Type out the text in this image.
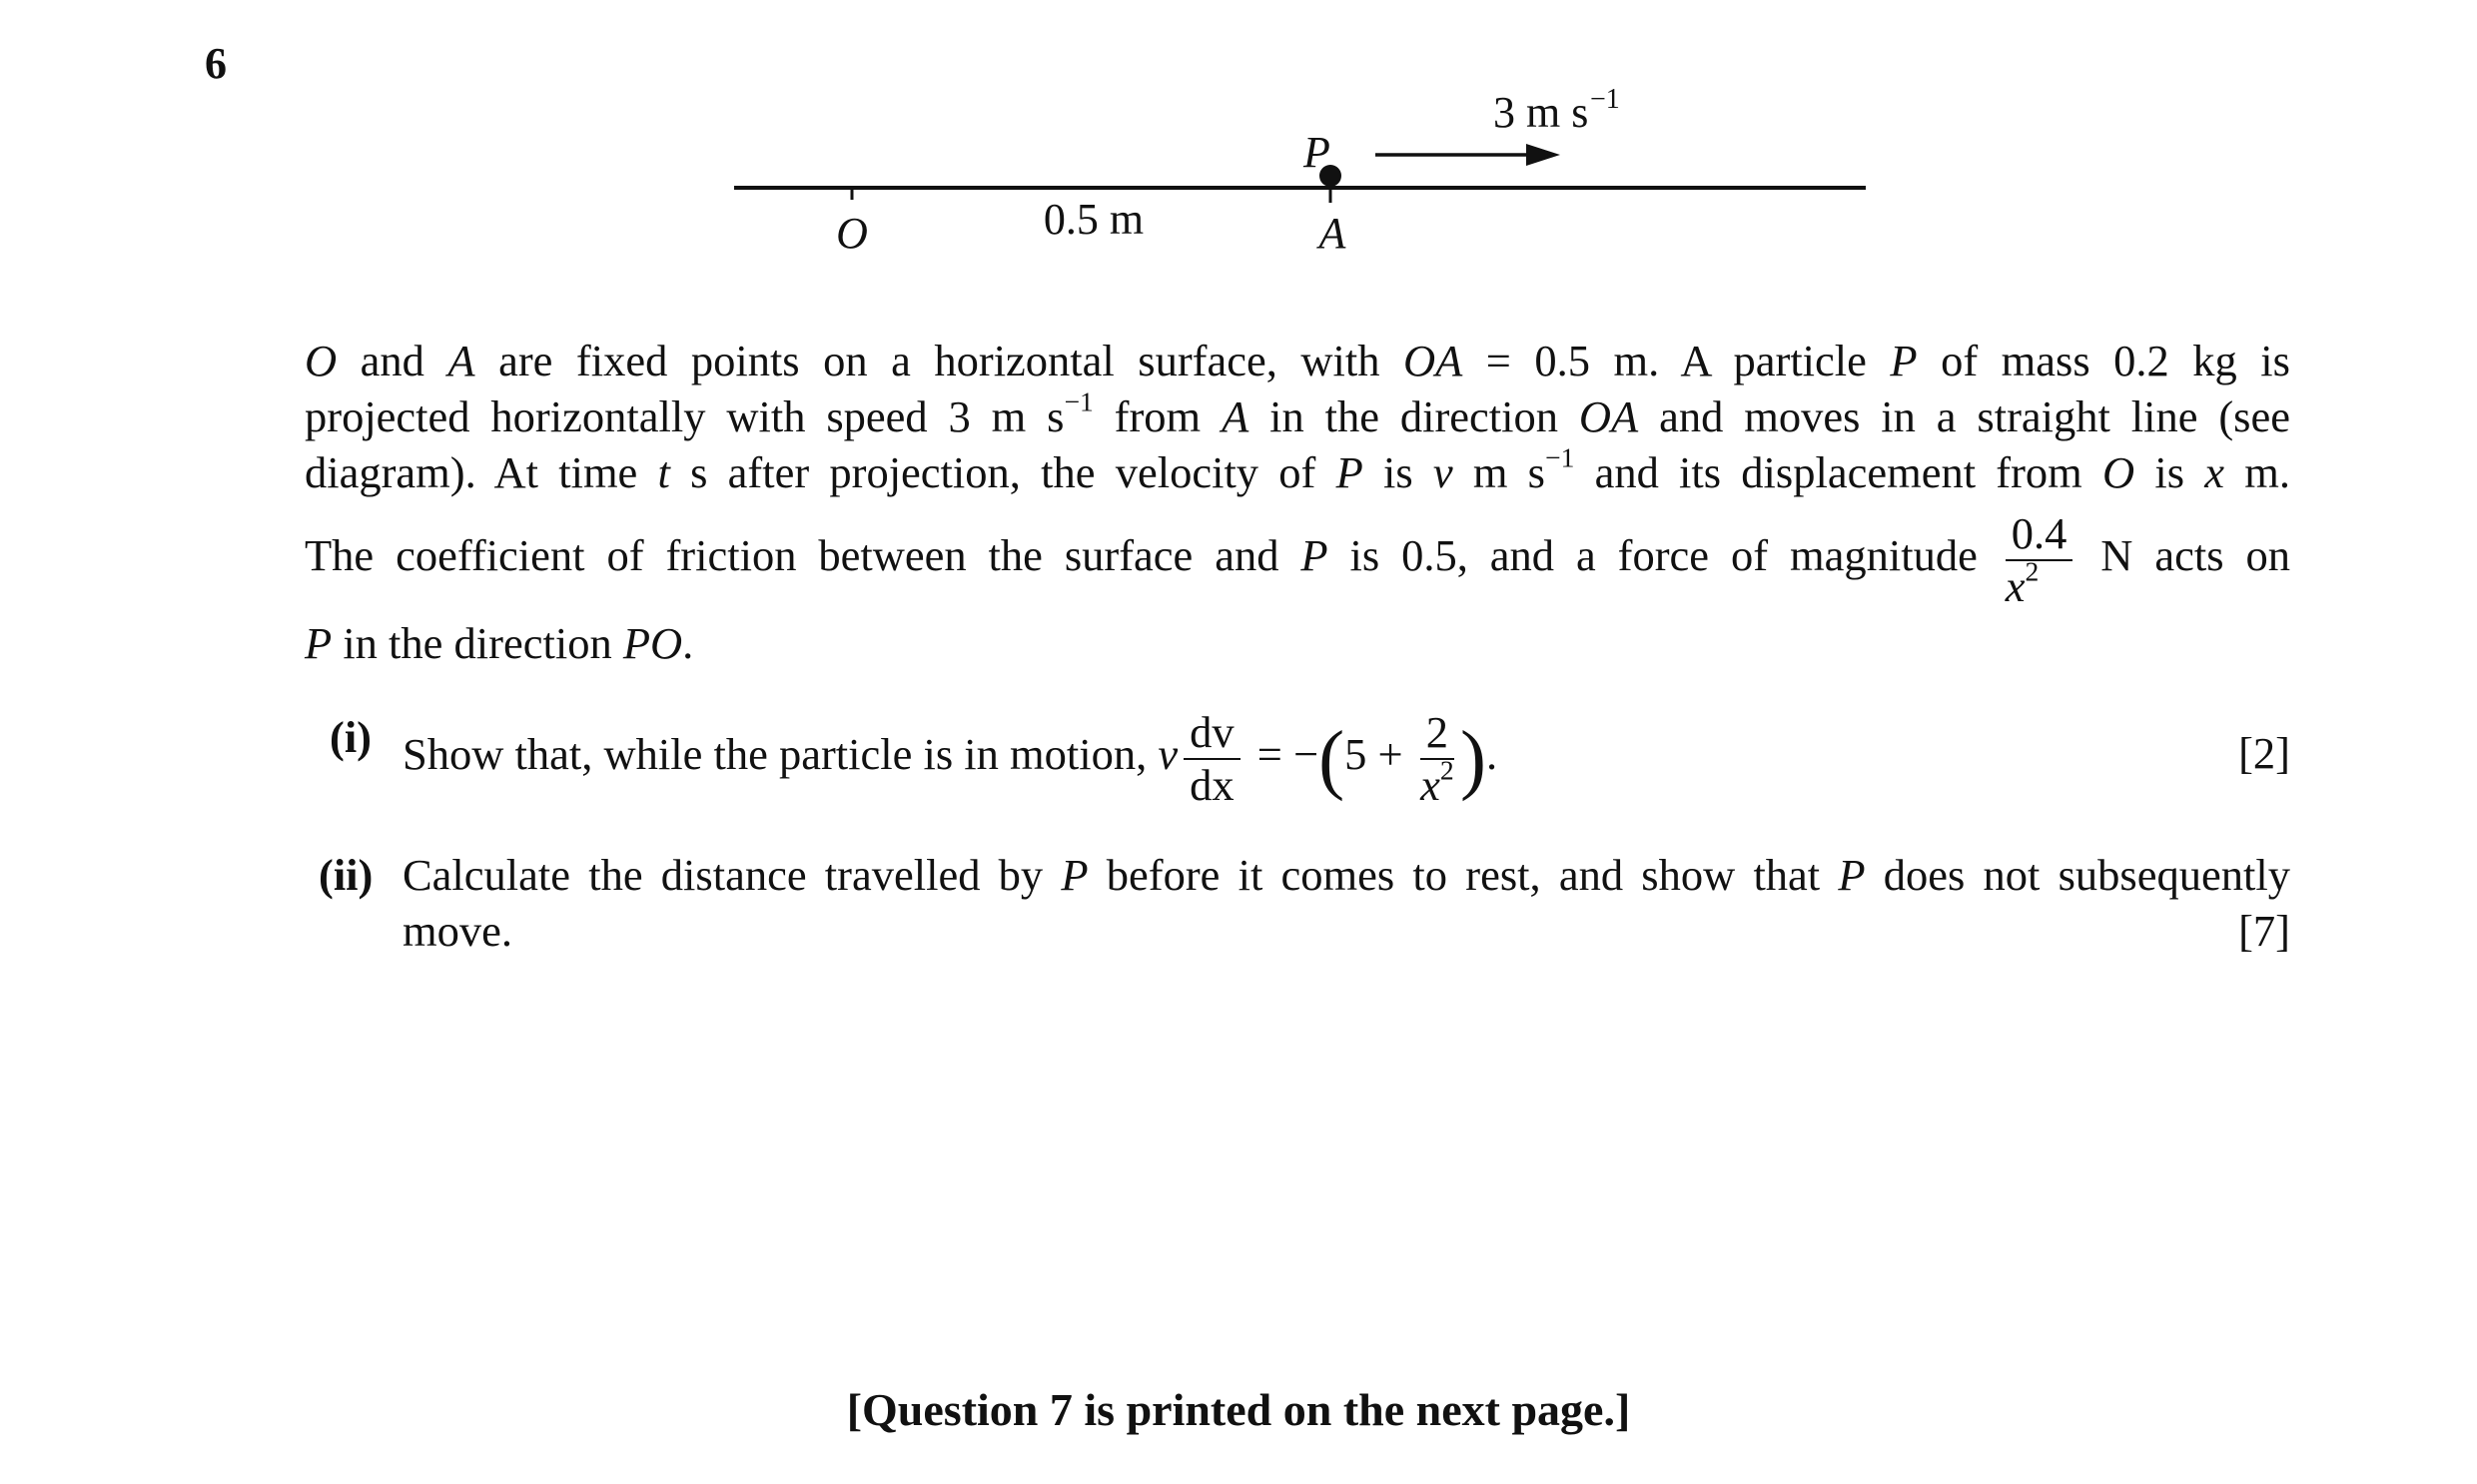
6
P
O	A
0.5 m
3 m s −1
O and A are fixed points on a horizontal surface, with OA = 0.5 m. A particle P of mass 0.2 kg is
projected horizontally with speed 3 m $s^{-1}$ from A in the direction OA and moves in a straight line (see
diagram). At time t s after projection, the velocity of P is v m $s^{-1}$ and its displacement from O is x m.
The coefficient of friction between the surface and P is 0.5, and a force of magnitude $\frac{0.4}{x^2}$ N acts on
P in the direction PO.
(i) Show that, while the particle is in motion, v $\frac{dv}{dx} = -(5 + \frac{2}{x^2}$ ).	[2]
(ii) Calculate the distance travelled by P before it comes to rest, and show that P does not subsequently
move.	[7]
[Question 7 is printed on the next page.]
